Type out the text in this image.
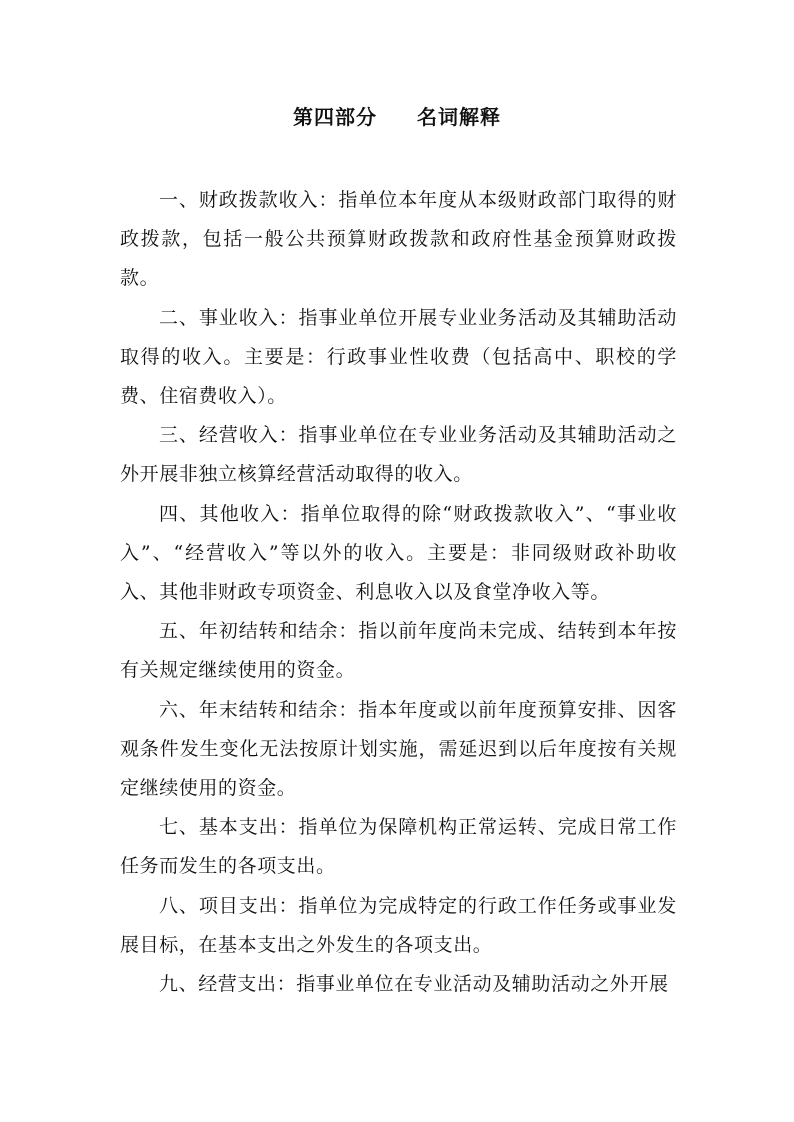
第四部分 名词解释

一、财政拨款收入：指单位本年度从本级财政部门取得的财政拨款，包括一般公共预算财政拨款和政府性基金预算财政拨款。

二、事业收入：指事业单位开展专业业务活动及其辅助活动取得的收入。主要是：行政事业性收费（包括高中、职校的学费、住宿费收入）。

三、经营收入：指事业单位在专业业务活动及其辅助活动之外开展非独立核算经营活动取得的收入。

四、其他收入：指单位取得的除“财政拨款收入”、“事业收入”、“经营收入”等以外的收入。主要是：非同级财政补助收入、其他非财政专项资金、利息收入以及食堂净收入等。

五、年初结转和结余：指以前年度尚未完成、结转到本年按有关规定继续使用的资金。

六、年末结转和结余：指本年度或以前年度预算安排、因客观条件发生变化无法按原计划实施，需延迟到以后年度按有关规定继续使用的资金。

七、基本支出：指单位为保障机构正常运转、完成日常工作任务而发生的各项支出。

八、项目支出：指单位为完成特定的行政工作任务或事业发展目标，在基本支出之外发生的各项支出。

九、经营支出：指事业单位在专业活动及辅助活动之外开展
